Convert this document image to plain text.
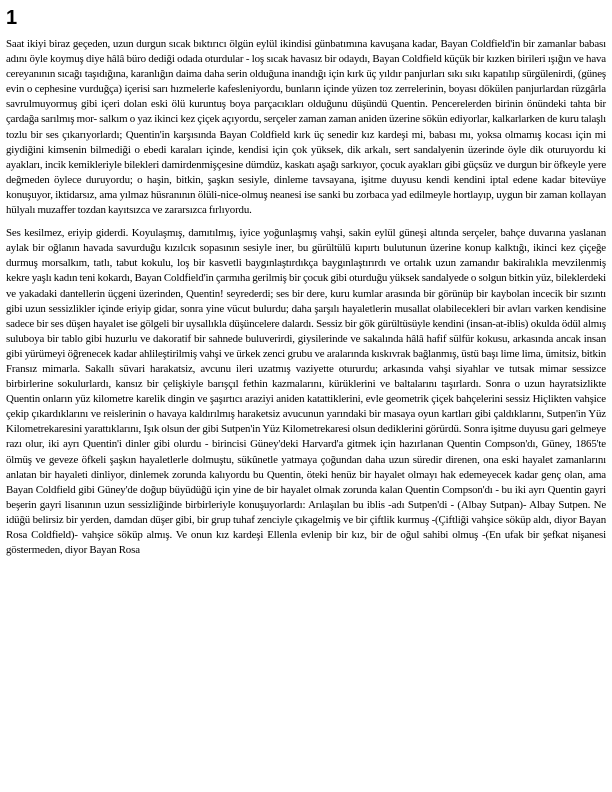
1

Saat ikiyi biraz geçeden, uzun durgun sıcak bıktırıcı ölgün eylül ikindisi günbatımına kavuşana kadar, Bayan Coldfield'in bir zamanlar babası adını öyle koymuş diye hâlâ büro dediği odada oturdular - loş sıcak havasız bir odaydı, Bayan Coldfield küçük bir kızken birileri ışığın ve hava cereyanının sıcağı taşıdığına, karanlığın daima daha serin olduğuna inandığı için kırk üç yıldır panjurları sıkı sıkı kapatılıp sürgülenirdi, (güneş evin o cephesine vurduğça) içerisi sarı hızmelerle kafesleniyordu, bunların içinde yüzen toz zerrelerinin, boyası dökülen panjurlardan rüzgârla savrulmuyormuş gibi içeri dolan eski ölü kuruntuş boya parçacıkları olduğunu düşündü Quentin. Pencerelerden birinin önündeki tahta bir çardağa sarılmış mor- salkım o yaz ikinci kez çiçek açıyordu, serçeler zaman zaman aniden üzerine sökün ediyorlar, kalkarlarken de kuru talaşlı tozlu bir ses çıkarıyorlardı; Quentin'in karşısında Bayan Coldfield kırk üç senedir kız kardeşi mi, babası mı, yoksa olmamış kocası için mi giydiğini kimsenin bilmediği o ebedi karaları içinde, kendisi için çok yüksek, dik arkalı, sert sandalyenin üzerinde öyle dik oturuyordu ki ayakları, incik kemikleriyle bilekleri damirdenmişçesine dümdüz, kaskatı aşağı sarkıyor, çocuk ayakları gibi güçsüz ve durgun bir öfkeyle yere değmeden öylece duruyordu; o haşin, bitkin, şaşkın sesiyle, dinleme tavsayana, işitme duyusu kendi kendini iptal edene kadar bitevüye konuşuyor, iktidarsız, ama yılmaz hüsranının ölüli-nice-olmuş neanesi ise sanki bu zorbaca yad edilmeyle hortlayıp, uygun bir zaman kollayan hülyalı muzaffer tozdan kayıtsızca ve zararsızca fırlıyordu.

Ses kesilmez, eriyip giderdi. Koyulaşmış, damıtılmış, iyice yoğunlaşmış vahşi, sakin eylül güneşi altında serçeler, bahçe duvarına yaslanan aylak bir oğlanın havada savurduğu kızılcık sopasının sesiyle iner, bu gürültülü kıpırtı bulutunun üzerine konup kalktığı, ikinci kez çiçeğe durmuş morsalkım, tatlı, tabut kokulu, loş bir kasvetli baygınlaştırdıkça baygınlaştırırdı ve ortalık uzun zamandır bakiralıkla mevzilenmiş kekre yaşlı kadın teni kokardı, Bayan Coldfield'in çarmıha gerilmiş bir çocuk gibi oturduğu yüksek sandalyede o solgun bitkin yüz, bileklerdeki ve yakadaki dantellerin üçgeni üzerinden, Quentin! seyrederdi; ses bir dere, kuru kumlar arasında bir görünüp bir kaybolan incecik bir sızıntı gibi uzun sessizlikler içinde eriyip gidar, sonra yine vücut bulurdu; daha şarşılı hayaletlerin musallat olabilecekleri bir avları varken kendisine sadece bir ses düşen hayalet ise gölgeli bir uysallıkla düşüncelere dalardı. Sessiz bir gök gürültüsüyle kendini (insan-at-iblis) okulda ödül almış suluboya bir tablo gibi huzurlu ve dakoratif bir sahnede buluverirdi, giysilerinde ve sakalında hâlâ hafif sülfür kokusu, arkasında ancak insan gibi yürümeyi öğrenecek kadar ahlileştirilmiş vahşi ve ürkek zenci grubu ve aralarında kıskıvrak bağlanmış, üstü başı lime lima, ümitsiz, bitkin Fransız mimarla. Sakallı süvari harakatsiz, avcunu ileri uzatmış vaziyette otururdu; arkasında vahşi siyahlar ve tutsak mimar sessizce birbirlerine sokulurlardı, kansız bir çelişkiyle barışçıl fethin kazmalarını, kürüklerini ve baltalarını taşırlardı. Sonra o uzun hayratsizlikte Quentin onların yüz kilometre karelik dingin ve şaşırtıcı araziyi aniden katattiklerini, evle geometrik çiçek bahçelerini sessiz Hiçlikten vahşice çekip çıkardıklarını ve reislerinin o havaya kaldırılmış haraketsiz avucunun yarındaki bir masaya oyun kartları gibi çaldıklarını, Sutpen'in Yüz Kilometrekaresini yarattıklarını, Işık olsun der gibi Sutpen'in Yüz Kilometrekaresi olsun dediklerini görürdü. Sonra işitme duyusu gari gelmeye razı olur, iki ayrı Quentin'i dinler gibi olurdu - birincisi Güney'deki Harvard'a gitmek için hazırlanan Quentin Compson'dı, Güney, 1865'te ölmüş ve geveze öfkeli şaşkın hayaletlerle dolmuştu, sükûnetle yatmaya çoğundan daha uzun süredir direnen, ona eski hayalet zamanlarını anlatan bir hayaleti dinliyor, dinlemek zorunda kalıyordu bu Quentin, öteki henüz bir hayalet olmayı hak edemeyecek kadar genç olan, ama Bayan Coldfield gibi Güney'de doğup büyüdüğü için yine de bir hayalet olmak zorunda kalan Quentin Compson'dı - bu iki ayrı Quentin gayri beşerin gayri lisanının uzun sessizliğinde birbirleriyle konuşuyorlardı: Arılaşılan bu iblis -adı Sutpen'di - (Albay Sutpan)- Albay Sutpen. Ne idüğü belirsiz bir yerden, damdan düşer gibi, bir grup tuhaf zenciyle çıkagelmiş ve bir çiftlik kurmuş -(Çiftliği vahşice söküp aldı, diyor Bayan Rosa Coldfield)- vahşice söküp almış. Ve onun kız kardeşi Ellenla evlenip bir kız, bir de oğul sahibi olmuş -(En ufak bir şefkat nişanesi göstermeden, diyor Bayan Rosa
